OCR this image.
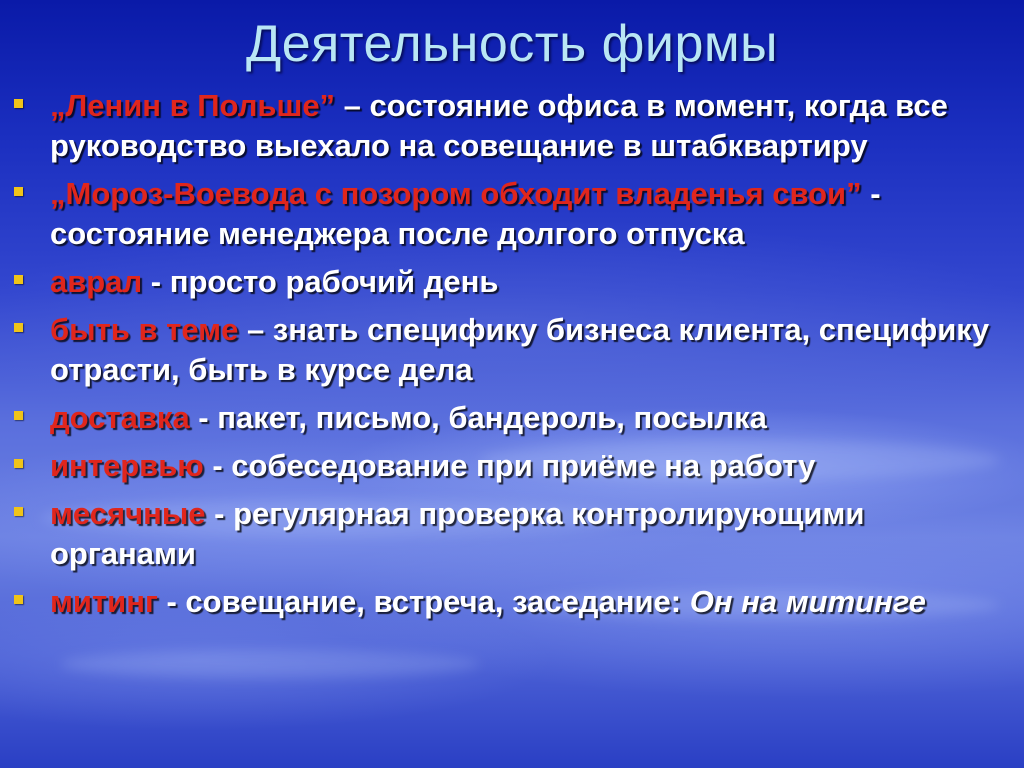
Деятельность фирмы
„Ленин в Польше” – состояние офиса в момент, когда все руководство выехало на совещание в штабквартиру
„Мороз-Воевода с позором обходит владенья свои” - состояние менеджера после долгого отпуска
аврал - просто рабочий день
быть в теме – знать специфику бизнеса клиента, специфику отрасти, быть в курсе дела
доставка - пакет, письмо, бандероль, посылка
интервью - собеседование при приёме на работу
месячные - регулярная проверка контролирующими органами
митинг - совещание, встреча, заседание: Он на митинге
